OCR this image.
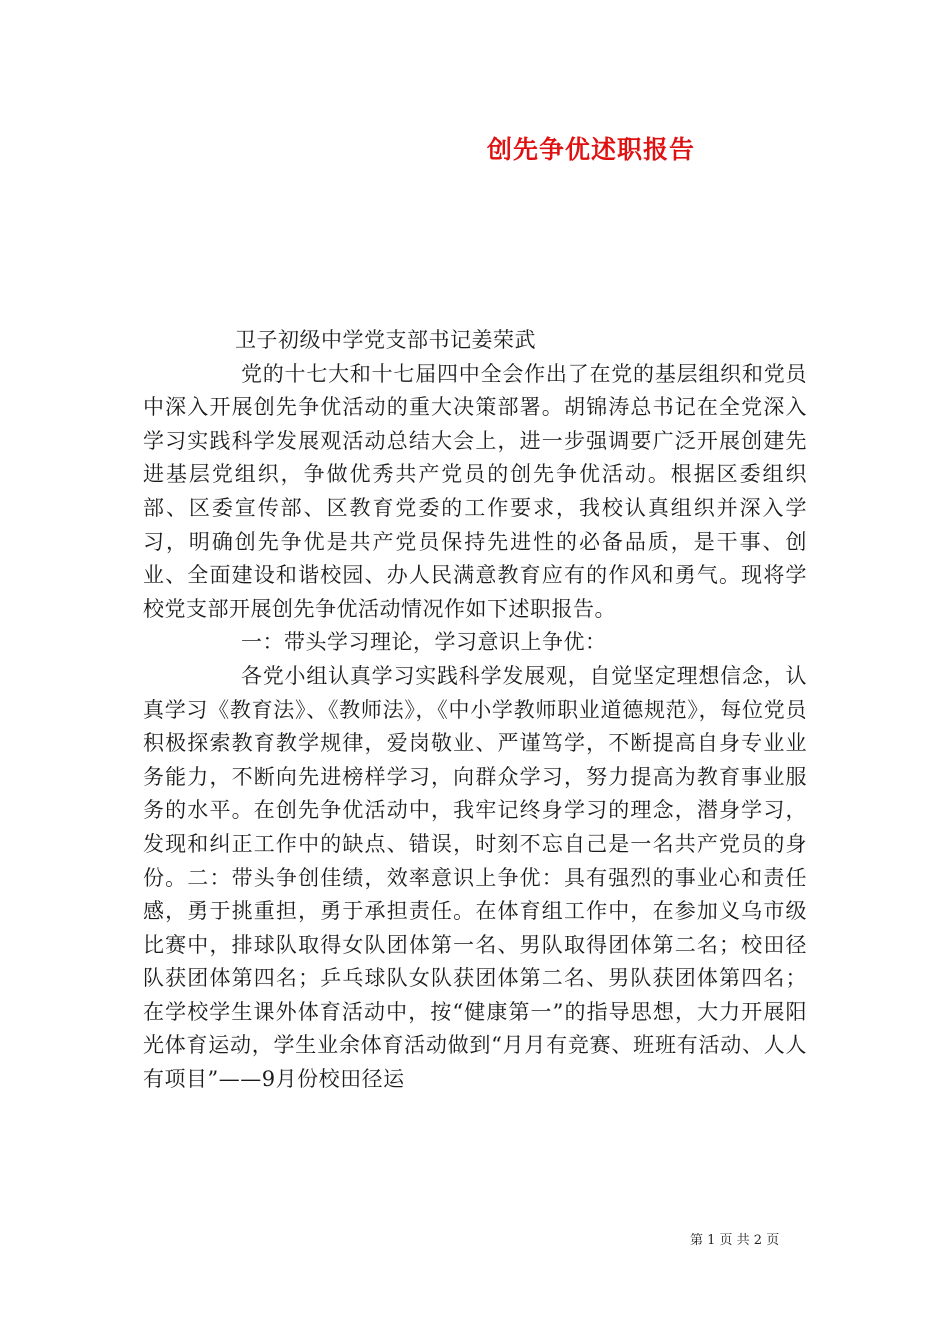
创先争优述职报告

卫子初级中学党支部书记姜荣武

党的十七大和十七届四中全会作出了在党的基层组织和党员中深入开展创先争优活动的重大决策部署。胡锦涛总书记在全党深入学习实践科学发展观活动总结大会上，进一步强调要广泛开展创建先进基层党组织，争做优秀共产党员的创先争优活动。根据区委组织部、区委宣传部、区教育党委的工作要求，我校认真组织并深入学习，明确创先争优是共产党员保持先进性的必备品质，是干事、创业、全面建设和谐校园、办人民满意教育应有的作风和勇气。现将学校党支部开展创先争优活动情况作如下述职报告。

一：带头学习理论，学习意识上争优：

各党小组认真学习实践科学发展观，自觉坚定理想信念，认真学习《教育法》、《教师法》，《中小学教师职业道德规范》，每位党员积极探索教育教学规律，爱岗敬业、严谨笃学，不断提高自身专业业务能力，不断向先进榜样学习，向群众学习，努力提高为教育事业服务的水平。在创先争优活动中，我牢记终身学习的理念，潜身学习，发现和纠正工作中的缺点、错误，时刻不忘自己是一名共产党员的身份。二：带头争创佳绩，效率意识上争优：具有强烈的事业心和责任感，勇于挑重担，勇于承担责任。在体育组工作中，在参加义乌市级比赛中，排球队取得女队团体第一名、男队取得团体第二名；校田径队获团体第四名；乒乓球队女队获团体第二名、男队获团体第四名；在学校学生课外体育活动中，按“健康第一”的指导思想，大力开展阳光体育运动，学生业余体育活动做到“月月有竞赛、班班有活动、人人有项目”——9月份校田径运

第 1 页 共 2 页
